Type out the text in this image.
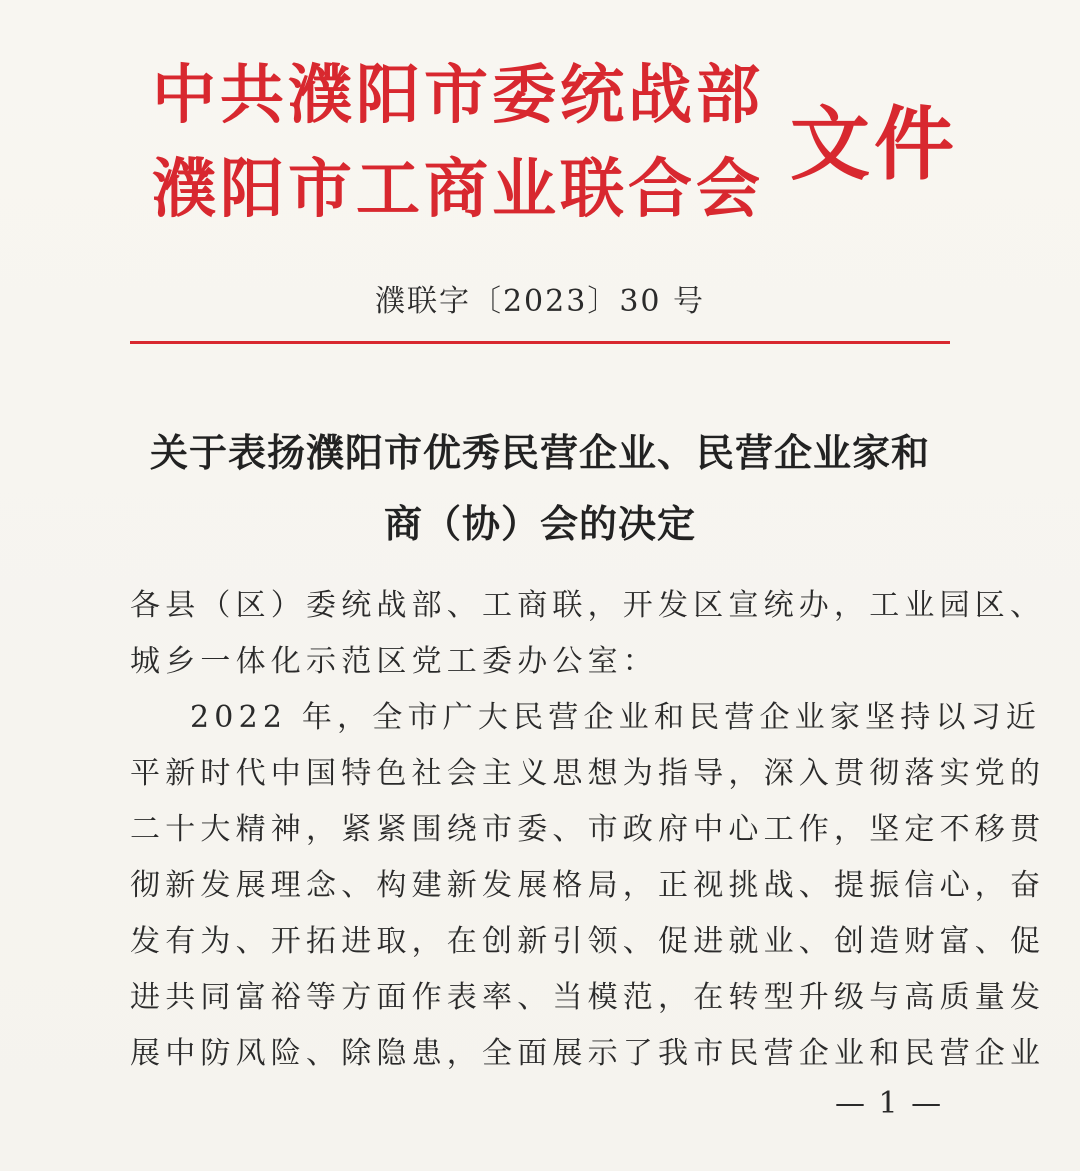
中共濮阳市委统战部
濮阳市工商业联合会 文件
濮联字〔2023〕30 号
关于表扬濮阳市优秀民营企业、民营企业家和
商（协）会的决定
各县（区）委统战部、工商联，开发区宣统办，工业园区、
城乡一体化示范区党工委办公室：
2022 年，全市广大民营企业和民营企业家坚持以习近
平新时代中国特色社会主义思想为指导，深入贯彻落实党的
二十大精神，紧紧围绕市委、市政府中心工作，坚定不移贯
彻新发展理念、构建新发展格局，正视挑战、提振信心，奋
发有为、开拓进取，在创新引领、促进就业、创造财富、促
进共同富裕等方面作表率、当模范，在转型升级与高质量发
展中防风险、除隐患，全面展示了我市民营企业和民营企业
— 1 —
